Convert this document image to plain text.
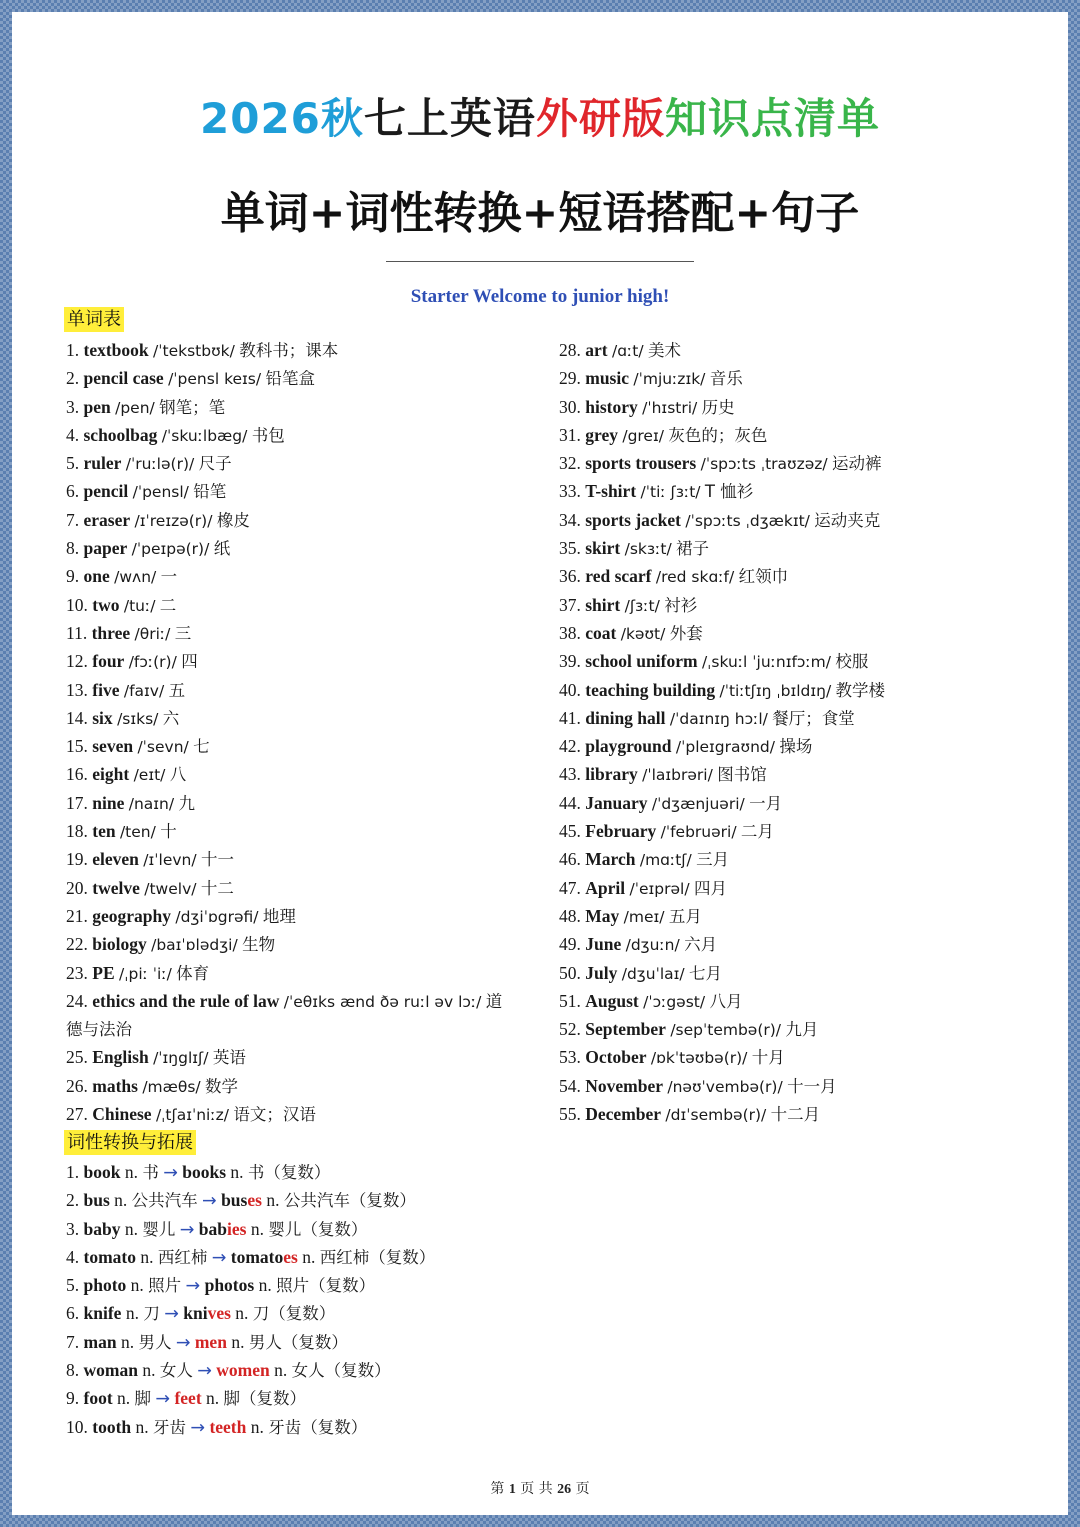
2026秋七上英语外研版知识点清单
单词+词性转换+短语搭配+句子
Starter Welcome to junior high!
单词表
1. textbook /ˈtekstbʊk/ 教科书；课本
2. pencil case /ˈpensl keɪs/ 铅笔盒
3. pen /pen/ 钢笔；笔
4. schoolbag /ˈskuːlbæg/ 书包
5. ruler /ˈruːlə(r)/ 尺子
6. pencil /ˈpensl/ 铅笔
7. eraser /ɪˈreɪzə(r)/ 橡皮
8. paper /ˈpeɪpə(r)/ 纸
9. one /wʌn/ 一
10. two /tuː/ 二
11. three /θriː/ 三
12. four /fɔː(r)/ 四
13. five /faɪv/ 五
14. six /sɪks/ 六
15. seven /ˈsevn/ 七
16. eight /eɪt/ 八
17. nine /naɪn/ 九
18. ten /ten/ 十
19. eleven /ɪˈlevn/ 十一
20. twelve /twelv/ 十二
21. geography /dʒiˈɒgrəfi/ 地理
22. biology /baɪˈɒlədʒi/ 生物
23. PE /ˌpiː ˈiː/ 体育
24. ethics and the rule of law /ˈeθɪks ænd ðə ruːl əv lɔː/ 道
德与法治
25. English /ˈɪŋglɪʃ/ 英语
26. maths /mæθs/ 数学
27. Chinese /ˌtʃaɪˈniːz/ 语文；汉语
28. art /ɑːt/ 美术
29. music /ˈmjuːzɪk/ 音乐
30. history /ˈhɪstri/ 历史
31. grey /greɪ/ 灰色的；灰色
32. sports trousers /ˈspɔːts ˌtraʊzəz/ 运动裤
33. T-shirt /ˈtiː ʃɜːt/ T 恤衫
34. sports jacket /ˈspɔːts ˌdʒækɪt/ 运动夹克
35. skirt /skɜːt/ 裙子
36. red scarf /red skɑːf/ 红领巾
37. shirt /ʃɜːt/ 衬衫
38. coat /kəʊt/ 外套
39. school uniform /ˌskuːl ˈjuːnɪfɔːm/ 校服
40. teaching building /ˈtiːtʃɪŋ ˌbɪldɪŋ/ 教学楼
41. dining hall /ˈdaɪnɪŋ hɔːl/ 餐厅；食堂
42. playground /ˈpleɪgraʊnd/ 操场
43. library /ˈlaɪbrəri/ 图书馆
44. January /ˈdʒænjuəri/ 一月
45. February /ˈfebruəri/ 二月
46. March /mɑːtʃ/ 三月
47. April /ˈeɪprəl/ 四月
48. May /meɪ/ 五月
49. June /dʒuːn/ 六月
50. July /dʒuˈlaɪ/ 七月
51. August /ˈɔːgəst/ 八月
52. September /sepˈtembə(r)/ 九月
53. October /ɒkˈtəʊbə(r)/ 十月
54. November /nəʊˈvembə(r)/ 十一月
55. December /dɪˈsembə(r)/ 十二月
词性转换与拓展
1. book n. 书 → books n. 书（复数）
2. bus n. 公共汽车 → buses n. 公共汽车（复数）
3. baby n. 婴儿 → babies n. 婴儿（复数）
4. tomato n. 西红柿 → tomatoes n. 西红柿（复数）
5. photo n. 照片 → photos n. 照片（复数）
6. knife n. 刀 → knives n. 刀（复数）
7. man n. 男人 → men n. 男人（复数）
8. woman n. 女人 → women n. 女人（复数）
9. foot n. 脚 → feet n. 脚（复数）
10. tooth n. 牙齿 → teeth n. 牙齿（复数）
第 1 页 共 26 页
